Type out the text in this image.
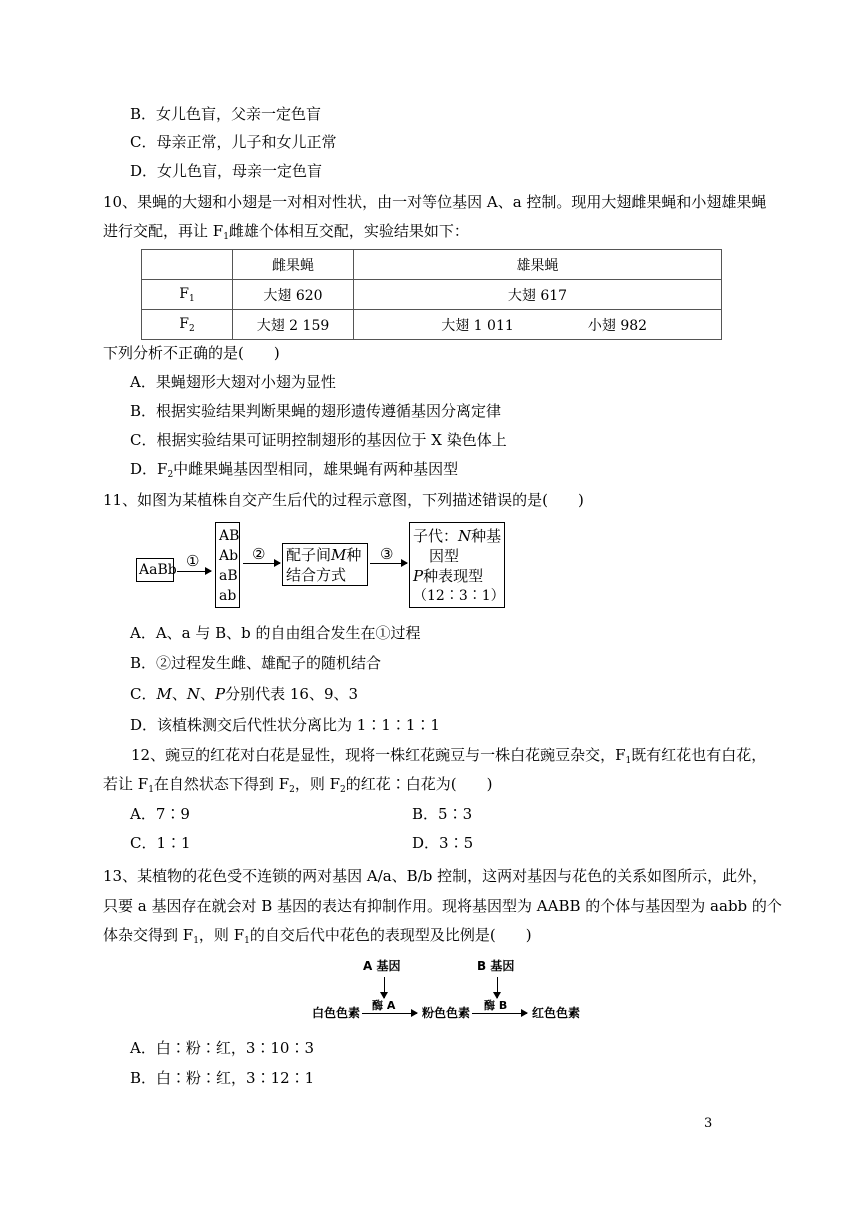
B．女儿色盲，父亲一定色盲
C．母亲正常，儿子和女儿正常
D．女儿色盲，母亲一定色盲
10、果蝇的大翅和小翅是一对相对性状，由一对等位基因 A、a 控制。现用大翅雌果蝇和小翅雄果蝇
进行交配，再让 $F_1$雌雄个体相互交配，实验结果如下：
	雌果蝇	雄果蝇
$F_1$	大翅 620	大翅 617
$F_2$	大翅 2 159	大翅 1 011 小翅 982
下列分析不正确的是(　　)
A．果蝇翅形大翅对小翅为显性
B．根据实验结果判断果蝇的翅形遗传遵循基因分离定律
C．根据实验结果可证明控制翅形的基因位于 X 染色体上
D．$F_2$中雌果蝇基因型相同，雄果蝇有两种基因型
11、如图为某植株自交产生后代的过程示意图，下列描述错误的是(　　)
AaBb ①
AB
Ab
aB
ab
② 配子间M种
结合方式
③
子代：N种基
因型
P种表现型
（12∶3∶1）
A．A、a 与 B、b 的自由组合发生在①过程
B．②过程发生雌、雄配子的随机结合
C．M、N、P分别代表 16、9、3
D．该植株测交后代性状分离比为 1∶1∶1∶1
12、豌豆的红花对白花是显性，现将一株红花豌豆与一株白花豌豆杂交，$F_1$既有红花也有白花，
若让 $F_1$在自然状态下得到 $F_2$，则 $F_2$的红花∶白花为(　　)
A．7∶9	B．5∶3
C．1∶1	D．3∶5
13、某植物的花色受不连锁的两对基因 A/a、B/b 控制，这两对基因与花色的关系如图所示，此外，
只要 a 基因存在就会对 B 基因的表达有抑制作用。现将基因型为 AABB 的个体与基因型为 aabb 的个
体杂交得到 $F_1$，则 $F_1$的自交后代中花色的表现型及比例是(　　)
A 基因	B 基因
白色色素
酶 A
粉色色素
酶 B
红色色素
A．白∶粉∶红，3∶10∶3
B．白∶粉∶红，3∶12∶1
3
